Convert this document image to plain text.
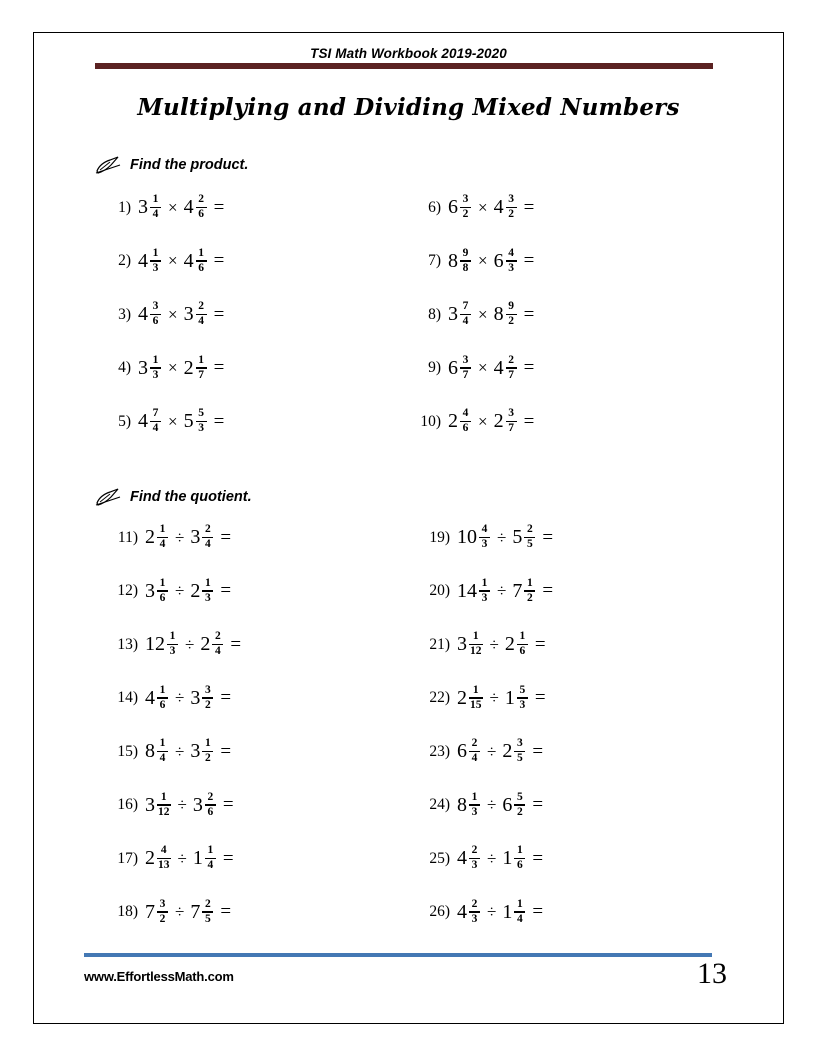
TSI Math Workbook 2019-2020
Multiplying and Dividing Mixed Numbers
Find the product.
1) $3 \frac{1}{4} \times 4 \frac{2}{6}$ =	6) $6 \frac{3}{2} \times 4 \frac{3}{2}$ =
2) $4 \frac{1}{3} \times 4 \frac{1}{6}$ =	7) $8 \frac{9}{8} \times 6 \frac{4}{3}$ =
3) $4 \frac{3}{6} \times 3 \frac{2}{4}$ =	8) $3 \frac{7}{4} \times 8 \frac{9}{2}$ =
4) $3 \frac{1}{3} \times 2 \frac{1}{7}$ =	9) $6 \frac{3}{7} \times 4 \frac{2}{7}$ =
5) $4 \frac{7}{4} \times 5 \frac{5}{3}$ =	10) $2 \frac{4}{6} \times 2 \frac{3}{7}$ =
Find the quotient.
11) $2 \frac{1}{4} \div 3 \frac{2}{4}$ =	19) $10 \frac{4}{3} \div 5 \frac{2}{5}$ =
12) $3 \frac{1}{6} \div 2 \frac{1}{3}$ =	20) $14 \frac{1}{3} \div 7 \frac{1}{2}$ =
13) $12 \frac{1}{3} \div 2 \frac{2}{4}$ =	21) $3 \frac{1}{12} \div 2 \frac{1}{6}$ =
14) $4 \frac{1}{6} \div 3 \frac{3}{2}$ =	22) $2 \frac{1}{15} \div 1 \frac{5}{3}$ =
15) $8 \frac{1}{4} \div 3 \frac{1}{2}$ =	23) $6 \frac{2}{4} \div 2 \frac{3}{5}$ =
16) $3 \frac{1}{12} \div 3 \frac{2}{6}$ =	24) $8 \frac{1}{3} \div 6 \frac{5}{2}$ =
17) $2 \frac{4}{13} \div 1 \frac{1}{4}$ =	25) $4 \frac{2}{3} \div 1 \frac{1}{6}$ =
18) $7 \frac{3}{2} \div 7 \frac{2}{5}$ =	26) $4 \frac{2}{3} \div 1 \frac{1}{4}$ =
www.EffortlessMath.com	13
